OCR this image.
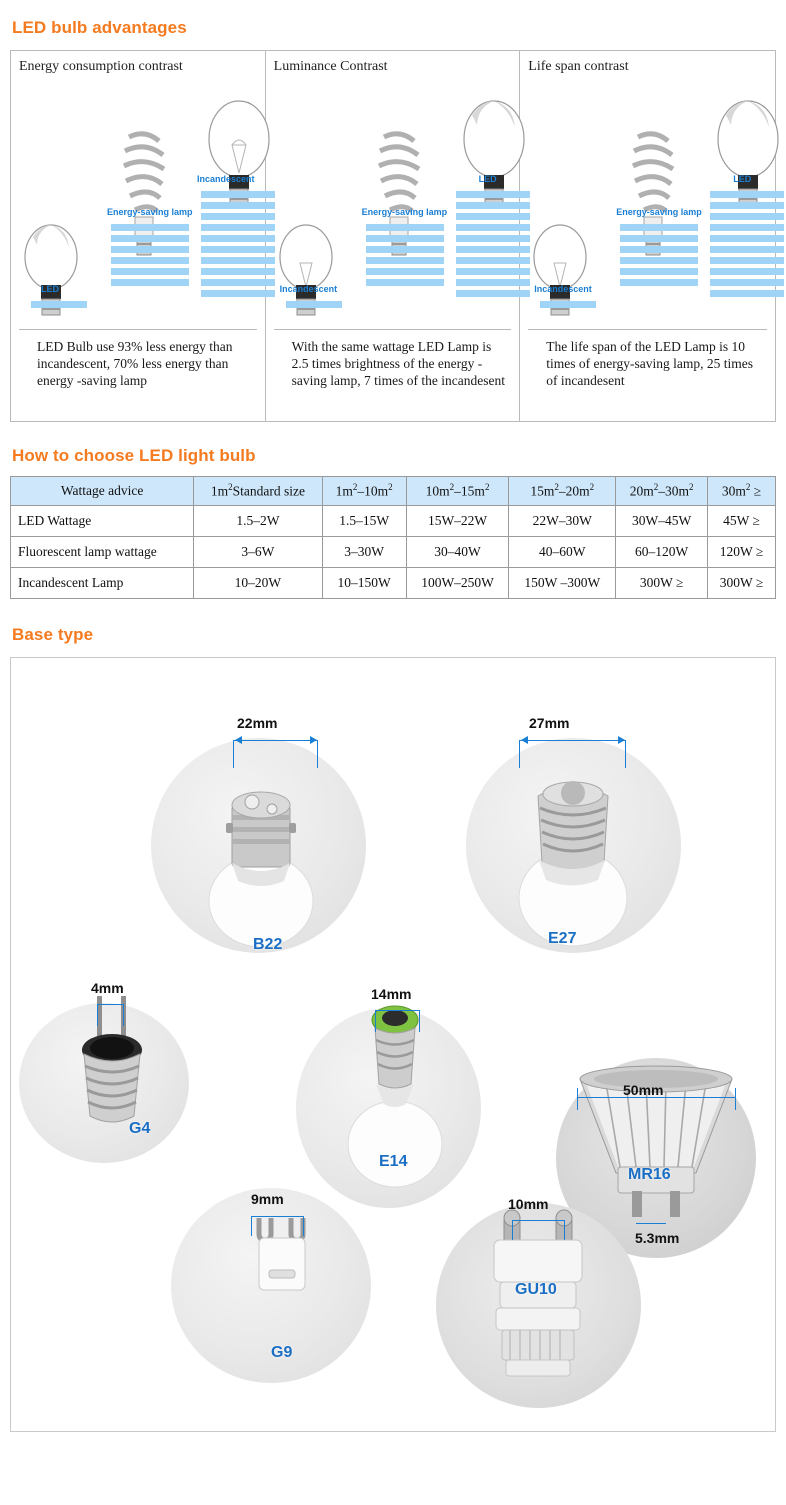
LED bulb advantages
Energy consumption contrast
LED
Energy-saving lamp
Incandescent
LED Bulb use 93% less energy than incandescent, 70% less energy than energy -saving lamp
Luminance Contrast
Incandescent
Energy-saving lamp
LED
With the same wattage LED Lamp is 2.5 times brightness of the energy -saving lamp, 7 times of the incandesent
Life span contrast
Incandescent
Energy-saving lamp
LED
The life span of the LED Lamp is 10 times of energy-saving lamp, 25 times of incandesent
How to choose LED light bulb
Wattage advice	$1m^2Standard$ size	$1m^2-10m^2$	$10m^2-15m^2$	$15m^2-20m^2$	$20m^2-30m^2$	$30m^2$ ≥
LED Wattage	1.5–2W	1.5–15W	15W–22W	22W–30W	30W–45W	45W ≥
Fluorescent lamp wattage	3–6W	3–30W	30–40W	40–60W	60–120W	120W ≥
Incandescent Lamp	10–20W	10–150W	100W–250W	150W –300W	300W ≥	300W ≥
Base type
22mm
B22
27mm
E27
4mm
G4
14mm
E14
50mm
MR16
5.3mm
9mm
G9
10mm
GU10
